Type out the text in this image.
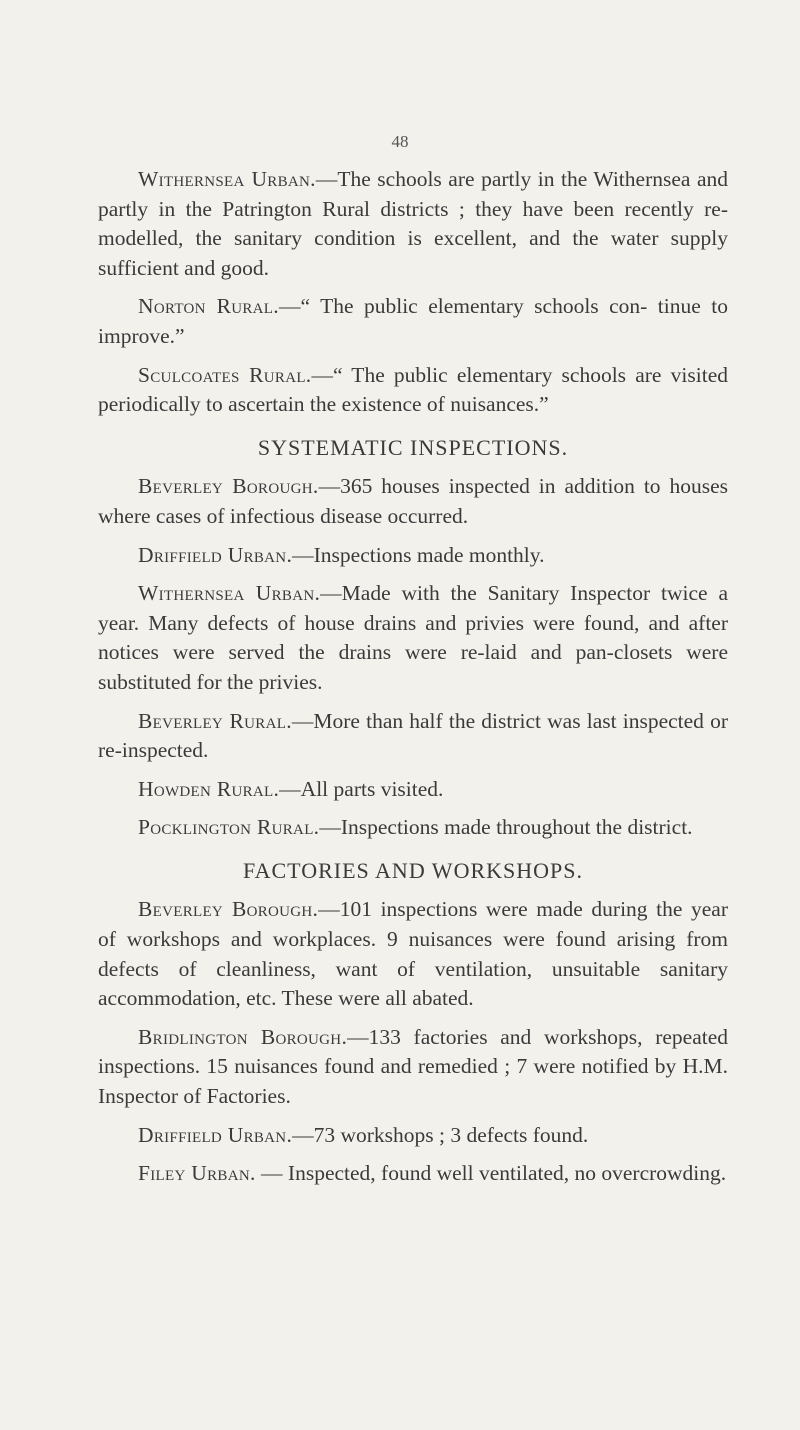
48

Withernsea Urban.—The schools are partly in the Withernsea and partly in the Patrington Rural districts ; they have been recently re-modelled, the sanitary condition is excellent, and the water supply sufficient and good.

Norton Rural.—“ The public elementary schools con- tinue to improve.”

Sculcoates Rural.—“ The public elementary schools are visited periodically to ascertain the existence of nuisances.”

SYSTEMATIC INSPECTIONS.

Beverley Borough.—365 houses inspected in addition to houses where cases of infectious disease occurred.

Driffield Urban.—Inspections made monthly.

Withernsea Urban.—Made with the Sanitary Inspector twice a year. Many defects of house drains and privies were found, and after notices were served the drains were re-laid and pan-closets were substituted for the privies.

Beverley Rural.—More than half the district was last inspected or re-inspected.

Howden Rural.—All parts visited.

Pocklington Rural.—Inspections made throughout the district.

FACTORIES AND WORKSHOPS.

Beverley Borough.—101 inspections were made during the year of workshops and workplaces. 9 nuisances were found arising from defects of cleanliness, want of ventilation, unsuitable sanitary accommodation, etc. These were all abated.

Bridlington Borough.—133 factories and workshops, repeated inspections. 15 nuisances found and remedied ; 7 were notified by H.M. Inspector of Factories.

Driffield Urban.—73 workshops ; 3 defects found.

Filey Urban. — Inspected, found well ventilated, no overcrowding.
